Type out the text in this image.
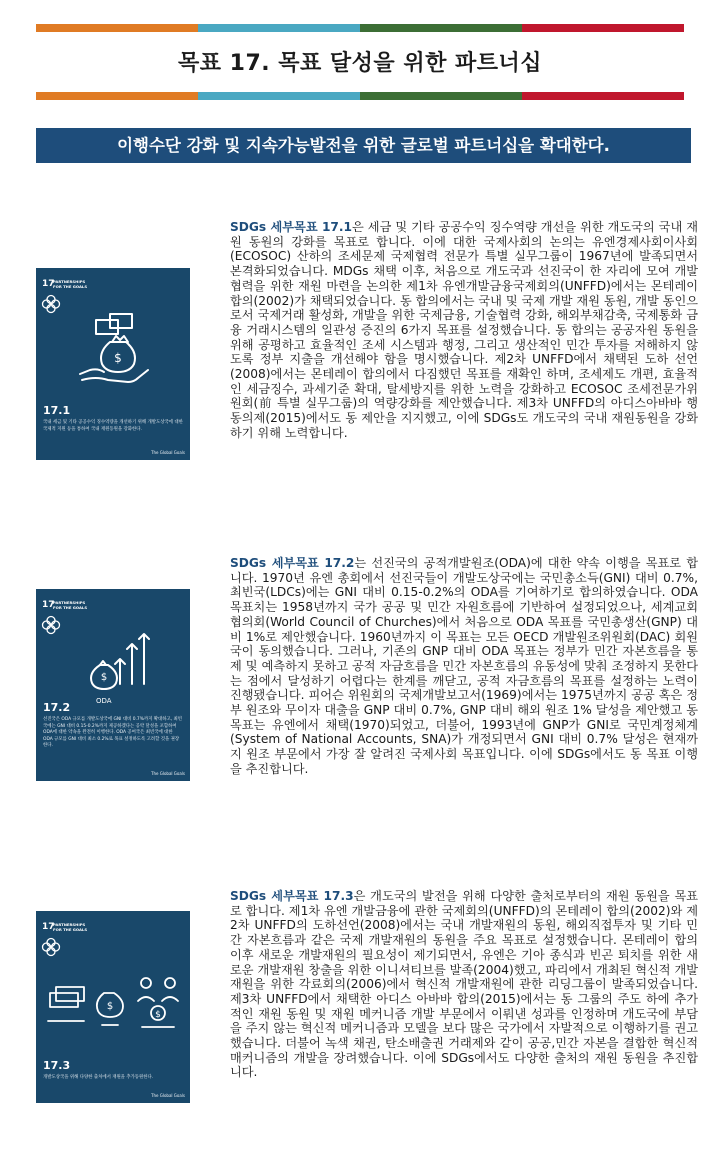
목표 17. 목표 달성을 위한 파트너십
이행수단 강화 및 지속가능발전을 위한 글로벌 파트너십을 확대한다.
17
PARTNERSHIPS
FOR THE GOALS
$
17.1
국내 세금 및 기타 공공수익 징수역량을 개선하기 위해 개발도상국에 대한 국제적 지원 등을 통하여 국내 재원동원을 강화한다.
The Global Goals
SDGs 세부목표 17.1은 세금 및 기타 공공수익 징수역량 개선을 위한 개도국의 국내 재원 동원의 강화를 목표로 합니다. 이에 대한 국제사회의 논의는 유엔경제사회이사회(ECOSOC) 산하의 조세문제 국제협력 전문가 특별 실무그룹이 1967년에 발족되면서 본격화되었습니다. MDGs 채택 이후, 처음으로 개도국과 선진국이 한 자리에 모여 개발협력을 위한 재원 마련을 논의한 제1차 유엔개발금융국제회의(UNFFD)에서는 몬테레이 합의(2002)가 채택되었습니다. 동 합의에서는 국내 및 국제 개발 재원 동원, 개발 동인으로서 국제거래 활성화, 개발을 위한 국제금융, 기술협력 강화, 해외부채감축, 국제통화 금융 거래시스템의 일관성 증진의 6가지 목표를 설정했습니다. 동 합의는 공공자원 동원을 위해 공평하고 효율적인 조세 시스템과 행정, 그리고 생산적인 민간 투자를 저해하지 않도록 정부 지출을 개선해야 함을 명시했습니다. 제2차 UNFFD에서 채택된 도하 선언(2008)에서는 몬테레이 합의에서 다짐했던 목표를 재확인 하며, 조세제도 개편, 효율적인 세금징수, 과세기준 확대, 탈세방지를 위한 노력을 강화하고 ECOSOC 조세전문가위원회(前 특별 실무그룹)의 역량강화를 제안했습니다. 제3차 UNFFD의 아디스아바바 행동의제(2015)에서도 동 제안을 지지했고, 이에 SDGs도 개도국의 국내 재원동원을 강화하기 위해 노력합니다.
17
PARTNERSHIPS
FOR THE GOALS
$
ODA
17.2
선진국은 ODA 규모를 개발도상국에 GNI 대비 0.7%까지 확대하고, 최빈국에는 GNI 대비 0.15-0.2%까지 제공하겠다는 공약 달성을 포함하여 ODA에 대한 약속을 완전히 이행한다. ODA 공여국은 최빈국에 대한 ODA 규모를 GNI 대비 최소 0.2%로 목표 설정하도록 고려할 것을 권장한다.
The Global Goals
SDGs 세부목표 17.2는 선진국의 공적개발원조(ODA)에 대한 약속 이행을 목표로 합니다. 1970년 유엔 총회에서 선진국들이 개발도상국에는 국민총소득(GNI) 대비 0.7%, 최빈국(LDCs)에는 GNI 대비 0.15-0.2%의 ODA를 기여하기로 합의하였습니다. ODA 목표치는 1958년까지 국가 공공 및 민간 자원흐름에 기반하여 설정되었으나, 세계교회협의회(World Council of Churches)에서 처음으로 ODA 목표를 국민총생산(GNP) 대비 1%로 제안했습니다. 1960년까지 이 목표는 모든 OECD 개발원조위원회(DAC) 회원국이 동의했습니다. 그러나, 기존의 GNP 대비 ODA 목표는 정부가 민간 자본흐름을 통제 및 예측하지 못하고 공적 자금흐름을 민간 자본흐름의 유동성에 맞춰 조정하지 못한다는 점에서 달성하기 어렵다는 한계를 깨닫고, 공적 자금흐름의 목표를 설정하는 노력이 진행됐습니다. 피어슨 위원회의 국제개발보고서(1969)에서는 1975년까지 공공 혹은 정부 원조와 무이자 대출을 GNP 대비 0.7%, GNP 대비 해외 원조 1% 달성을 제안했고 동 목표는 유엔에서 채택(1970)되었고, 더불어, 1993년에 GNP가 GNI로 국민계정체계(System of National Accounts, SNA)가 개정되면서 GNI 대비 0.7% 달성은 현재까지 원조 부문에서 가장 잘 알려진 국제사회 목표입니다. 이에 SDGs에서도 동 목표 이행을 추진합니다.
17
PARTNERSHIPS
FOR THE GOALS
$
$
17.3
개발도상국을 위해 다양한 출처에서 재원을 추가동원한다.
The Global Goals
SDGs 세부목표 17.3은 개도국의 발전을 위해 다양한 출처로부터의 재원 동원을 목표로 합니다. 제1차 유엔 개발금융에 관한 국제회의(UNFFD)의 몬테레이 합의(2002)와 제2차 UNFFD의 도하선언(2008)에서는 국내 개발재원의 동원, 해외직접투자 및 기타 민간 자본흐름과 같은 국제 개발재원의 동원을 주요 목표로 설정했습니다. 몬테레이 합의 이후 새로운 개발재원의 필요성이 제기되면서, 유엔은 기아 종식과 빈곤 퇴치를 위한 새로운 개발재원 창출을 위한 이니셔티브를 발족(2004)했고, 파리에서 개최된 혁신적 개발재원을 위한 각료회의(2006)에서 혁신적 개발재원에 관한 리딩그룹이 발족되었습니다. 제3차 UNFFD에서 채택한 아디스 아바바 합의(2015)에서는 동 그룹의 주도 하에 추가적인 재원 동원 및 재원 메커니즘 개발 부문에서 이뤄낸 성과를 인정하며 개도국에 부담을 주지 않는 혁신적 메커니즘과 모델을 보다 많은 국가에서 자발적으로 이행하기를 권고했습니다. 더불어 녹색 채권, 탄소배출권 거래제와 같이 공공,민간 자본을 결합한 혁신적 매커니즘의 개발을 장려했습니다. 이에 SDGs에서도 다양한 출처의 재원 동원을 추진합니다.
